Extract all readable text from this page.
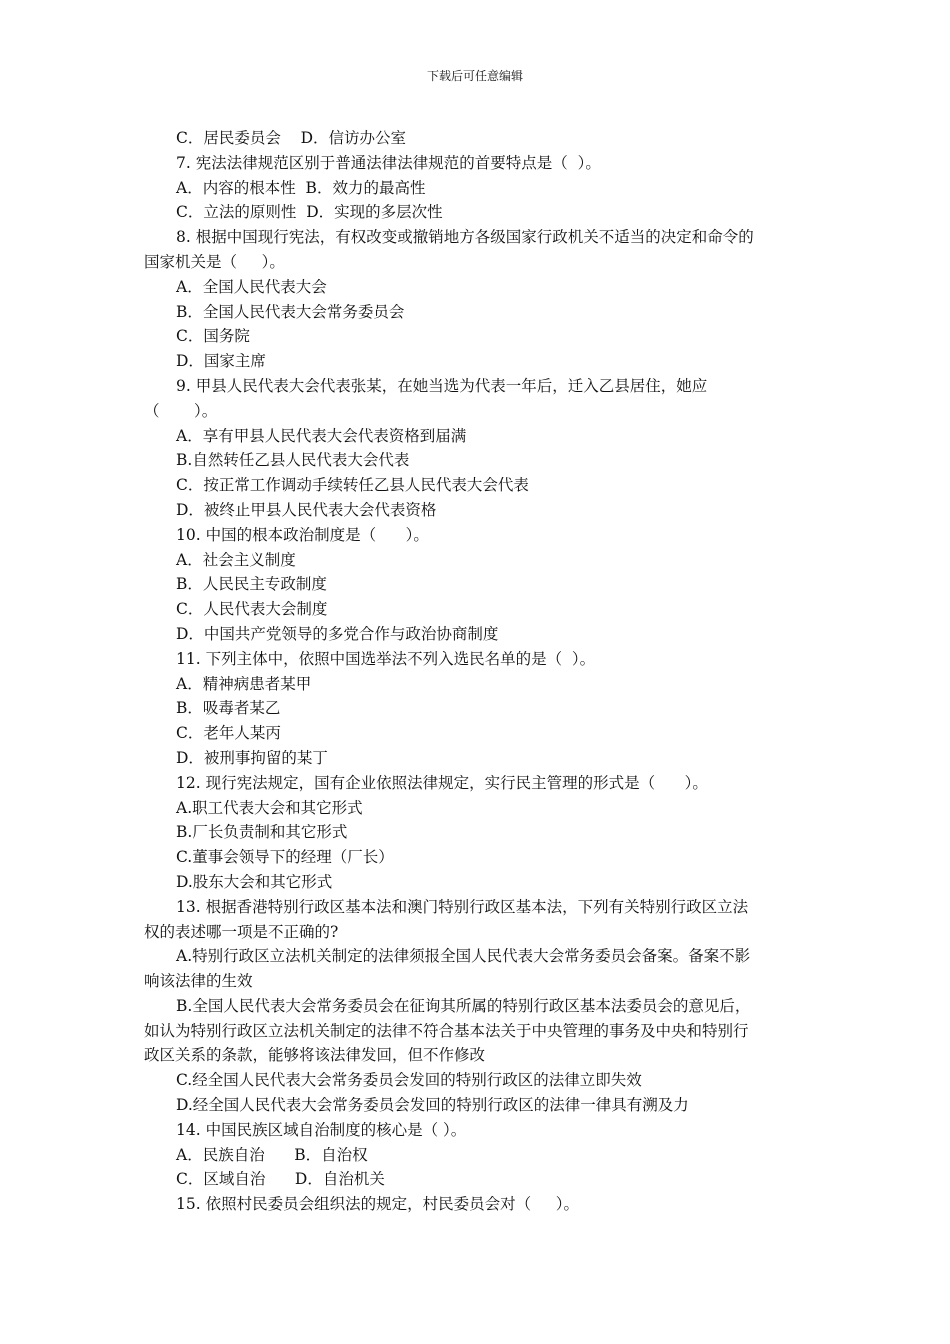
下载后可任意编辑
C．居民委员会    D．信访办公室
7. 宪法法律规范区别于普通法律法律规范的首要特点是（  ）。
A．内容的根本性  B．效力的最高性
C．立法的原则性  D．实现的多层次性
8. 根据中国现行宪法，有权改变或撤销地方各级国家行政机关不适当的决定和命令的
国家机关是（     ）。
A．全国人民代表大会
B．全国人民代表大会常务委员会
C．国务院
D．国家主席
9. 甲县人民代表大会代表张某，在她当选为代表一年后，迁入乙县居住，她应
（       ）。
A．享有甲县人民代表大会代表资格到届满
B.自然转任乙县人民代表大会代表
C．按正常工作调动手续转任乙县人民代表大会代表
D．被终止甲县人民代表大会代表资格
10. 中国的根本政治制度是（      ）。
A．社会主义制度
B．人民民主专政制度
C．人民代表大会制度
D．中国共产党领导的多党合作与政治协商制度
11. 下列主体中，依照中国选举法不列入选民名单的是（  ）。
A．精神病患者某甲
B．吸毒者某乙
C．老年人某丙
D．被刑事拘留的某丁
12. 现行宪法规定，国有企业依照法律规定，实行民主管理的形式是（      ）。
A.职工代表大会和其它形式
B.厂长负责制和其它形式
C.董事会领导下的经理（厂长）
D.股东大会和其它形式
13. 根据香港特别行政区基本法和澳门特别行政区基本法，下列有关特别行政区立法
权的表述哪一项是不正确的?
A.特别行政区立法机关制定的法律须报全国人民代表大会常务委员会备案。备案不影
响该法律的生效
B.全国人民代表大会常务委员会在征询其所属的特别行政区基本法委员会的意见后，
如认为特别行政区立法机关制定的法律不符合基本法关于中央管理的事务及中央和特别行
政区关系的条款，能够将该法律发回，但不作修改
C.经全国人民代表大会常务委员会发回的特别行政区的法律立即失效
D.经全国人民代表大会常务委员会发回的特别行政区的法律一律具有溯及力
14. 中国民族区域自治制度的核心是（ ）。
A．民族自治      B．自治权
C．区域自治      D．自治机关
15. 依照村民委员会组织法的规定，村民委员会对（     ）。
